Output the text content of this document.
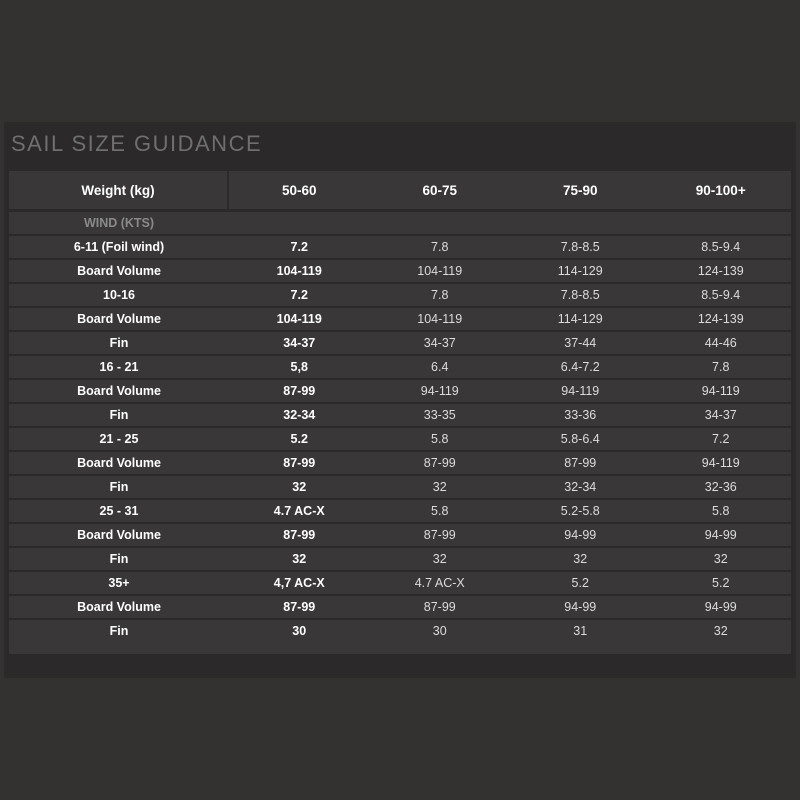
SAIL SIZE GUIDANCE
Weight (kg)	50-60	60-75	75-90	90-100+
WIND (KTS)
6-11 (Foil wind)	7.2	7.8	7.8-8.5	8.5-9.4
Board Volume	104-119	104-119	114-129	124-139
10-16	7.2	7.8	7.8-8.5	8.5-9.4
Board Volume	104-119	104-119	114-129	124-139
Fin	34-37	34-37	37-44	44-46
16 - 21	5,8	6.4	6.4-7.2	7.8
Board Volume	87-99	94-119	94-119	94-119
Fin	32-34	33-35	33-36	34-37
21 - 25	5.2	5.8	5.8-6.4	7.2
Board Volume	87-99	87-99	87-99	94-119
Fin	32	32	32-34	32-36
25 - 31	4.7 AC-X	5.8	5.2-5.8	5.8
Board Volume	87-99	87-99	94-99	94-99
Fin	32	32	32	32
35+	4,7 AC-X	4.7 AC-X	5.2	5.2
Board Volume	87-99	87-99	94-99	94-99
Fin	30	30	31	32
